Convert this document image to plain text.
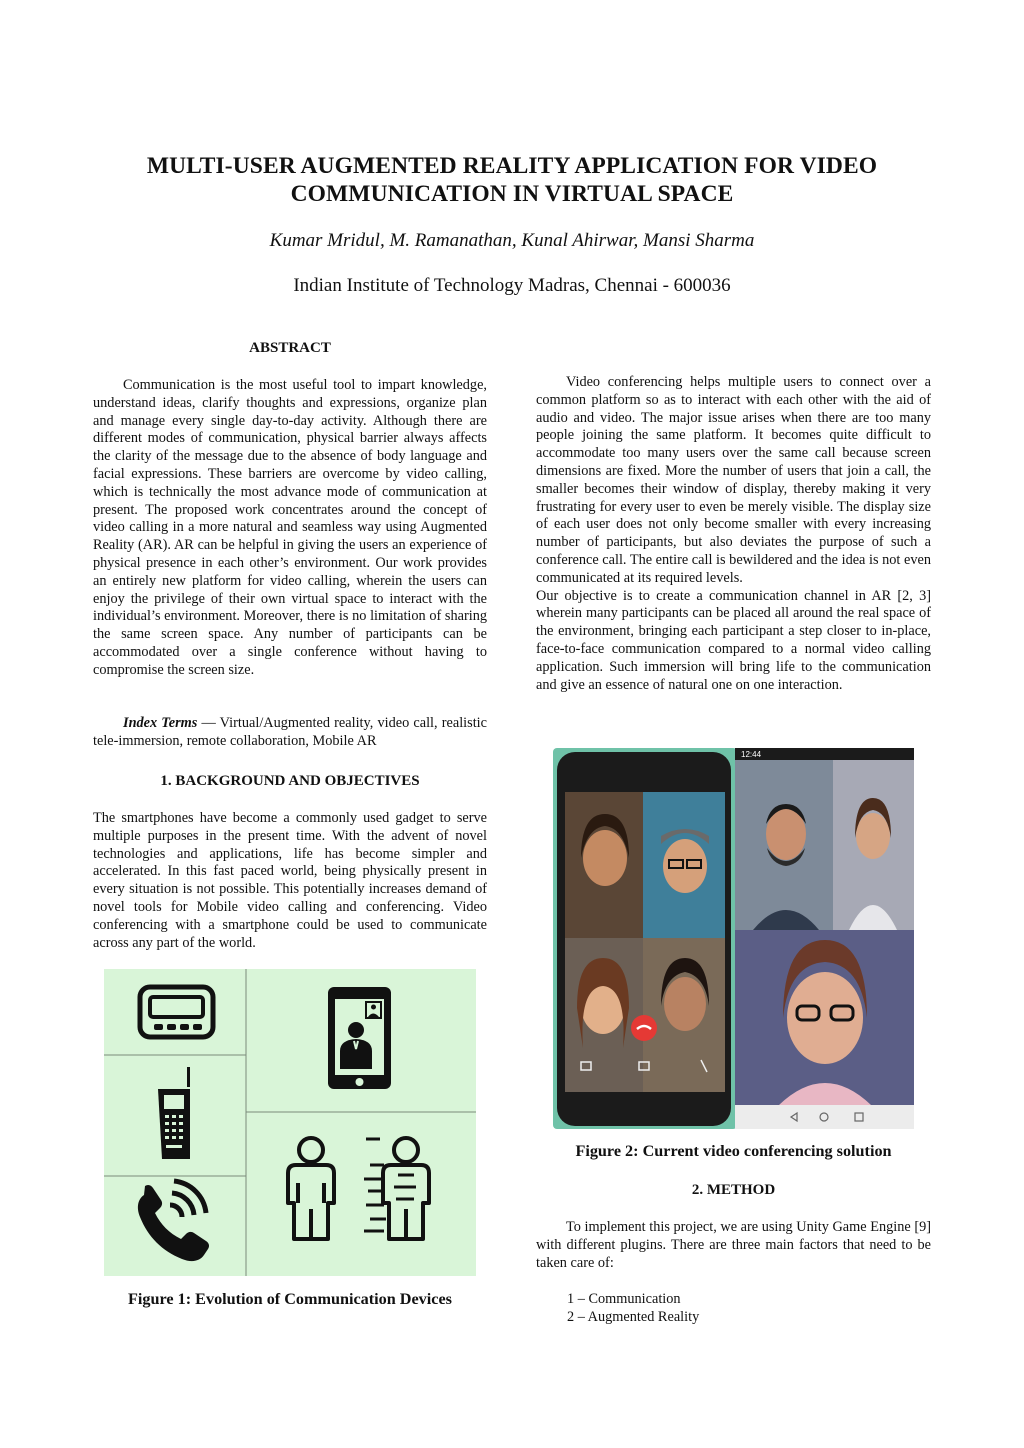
MULTI-USER AUGMENTED REALITY APPLICATION FOR VIDEO
COMMUNICATION IN VIRTUAL SPACE
Kumar Mridul, M. Ramanathan, Kunal Ahirwar, Mansi Sharma
Indian Institute of Technology Madras, Chennai - 600036
ABSTRACT

Communication is the most useful tool to impart knowledge, understand ideas, clarify thoughts and expressions, organize plan and manage every single day-to-day activity. Although there are different modes of communication, physical barrier always affects the clarity of the message due to the absence of body language and facial expressions. These barriers are overcome by video calling, which is technically the most advance mode of communication at present. The proposed work concentrates around the concept of video calling in a more natural and seamless way using Augmented Reality (AR). AR can be helpful in giving the users an experience of physical presence in each other’s environment. Our work provides an entirely new platform for video calling, wherein the users can enjoy the privilege of their own virtual space to interact with the individual’s environment. Moreover, there is no limitation of sharing the same screen space. Any number of participants can be accommodated over a single conference without having to compromise the screen size.

Index Terms — Virtual/Augmented reality, video call, realistic tele-immersion, remote collaboration, Mobile AR

1. BACKGROUND AND OBJECTIVES

The smartphones have become a commonly used gadget to serve multiple purposes in the present time. With the advent of novel technologies and applications, life has become simpler and accelerated. In this fast paced world, being physically present in every situation is not possible. This potentially increases demand of novel tools for Mobile video calling and conferencing. Video conferencing with a smartphone could be used to communicate across any part of the world.

Figure 1: Evolution of Communication Devices

Video conferencing helps multiple users to connect over a common platform so as to interact with each other with the aid of audio and video. The major issue arises when there are too many people joining the same platform. It becomes quite difficult to accommodate too many users over the same call because screen dimensions are fixed. More the number of users that join a call, the smaller becomes their window of display, thereby making it very frustrating for every user to even be merely visible. The display size of each user does not only become smaller with every increasing number of participants, but also deviates the purpose of such a conference call. The entire call is bewildered and the idea is not even communicated at its required levels.

Our objective is to create a communication channel in AR [2, 3] wherein many participants can be placed all around the real space of the environment, bringing each participant a step closer to in-place, face-to-face communication compared to a normal video calling application. Such immersion will bring life to the communication and give an essence of natural one on one interaction.

12:44
Figure 2: Current video conferencing solution
2. METHOD

To implement this project, we are using Unity Game Engine [9] with different plugins. There are three main factors that need to be taken care of:

1 – Communication
2 – Augmented Reality
